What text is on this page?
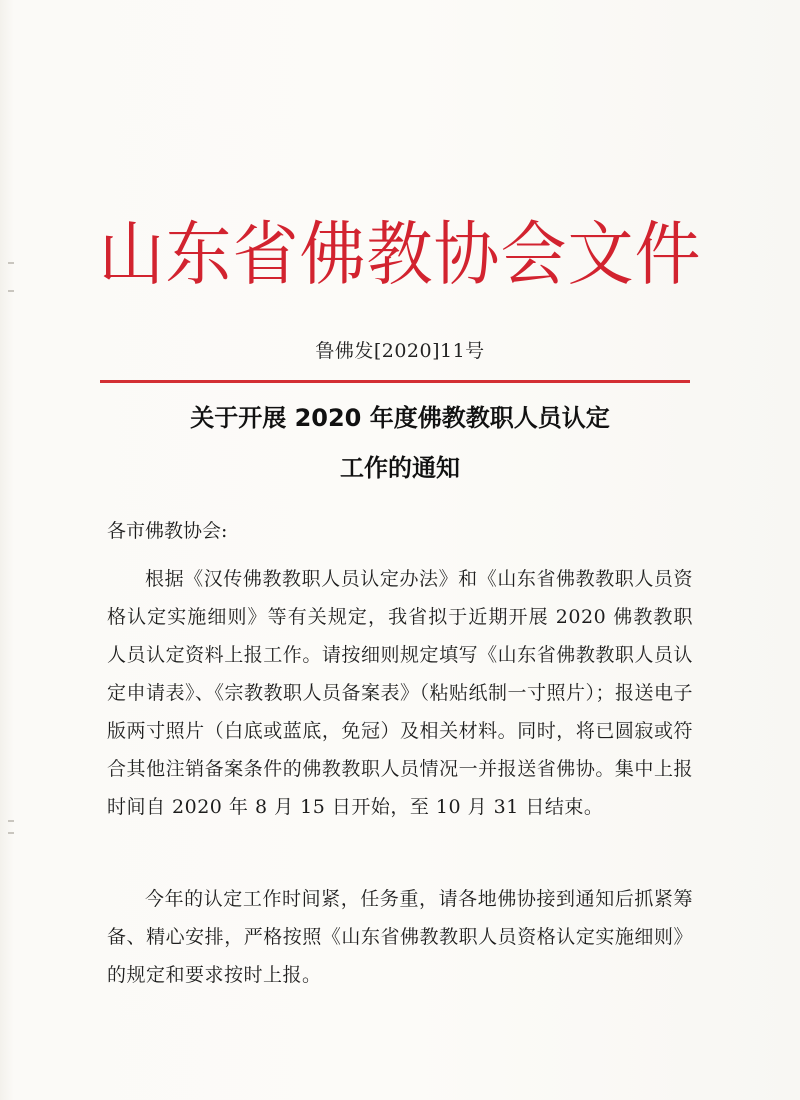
山东省佛教协会文件
鲁佛发[2020]11号
关于开展 2020 年度佛教教职人员认定
工作的通知
各市佛教协会:
根据《汉传佛教教职人员认定办法》和《山东省佛教教职人员资格认定实施细则》等有关规定，我省拟于近期开展 2020 佛教教职人员认定资料上报工作。请按细则规定填写《山东省佛教教职人员认定申请表》、《宗教教职人员备案表》（粘贴纸制一寸照片）；报送电子版两寸照片（白底或蓝底，免冠）及相关材料。同时，将已圆寂或符合其他注销备案条件的佛教教职人员情况一并报送省佛协。集中上报时间自 2020 年 8 月 15 日开始，至 10 月 31 日结束。
今年的认定工作时间紧，任务重，请各地佛协接到通知后抓紧筹备、精心安排，严格按照《山东省佛教教职人员资格认定实施细则》的规定和要求按时上报。
